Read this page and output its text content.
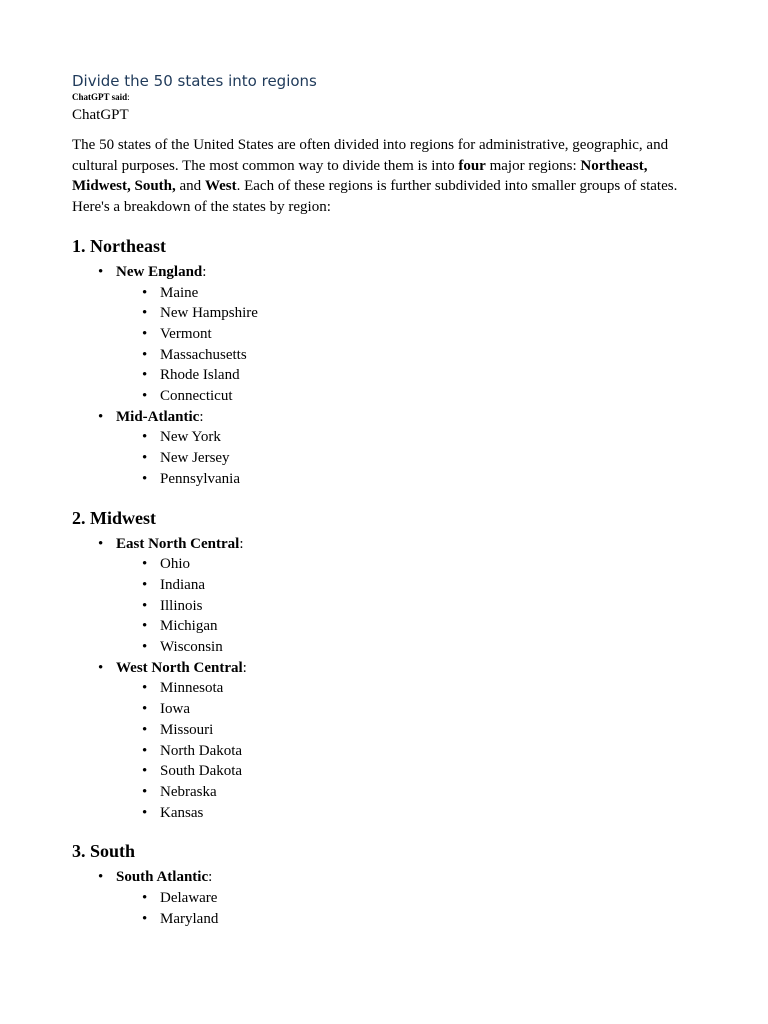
Divide the 50 states into regions
ChatGPT said:
ChatGPT

The 50 states of the United States are often divided into regions for administrative, geographic, and cultural purposes. The most common way to divide them is into four major regions: Northeast, Midwest, South, and West. Each of these regions is further subdivided into smaller groups of states. Here's a breakdown of the states by region:

1. Northeast
• New England:
• Maine
• New Hampshire
• Vermont
• Massachusetts
• Rhode Island
• Connecticut
• Mid-Atlantic:
• New York
• New Jersey
• Pennsylvania
2. Midwest
• East North Central:
• Ohio
• Indiana
• Illinois
• Michigan
• Wisconsin
• West North Central:
• Minnesota
• Iowa
• Missouri
• North Dakota
• South Dakota
• Nebraska
• Kansas
3. South
• South Atlantic:
• Delaware
• Maryland
